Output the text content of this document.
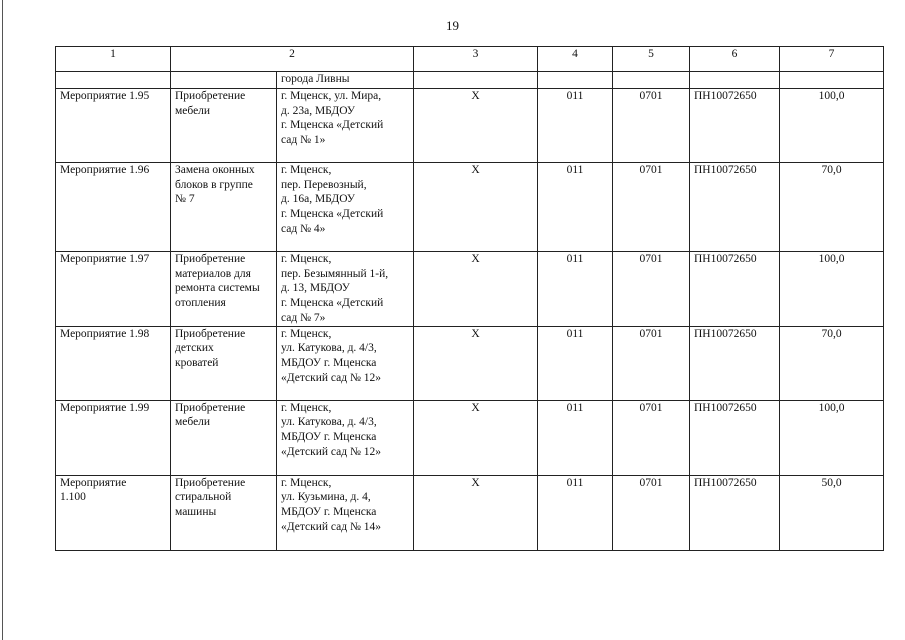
19
1	2		3	4	5	6	7
		города Ливны					

Мероприятие 1.95	Приобретение
мебели	г. Мценск, ул. Мира,
д. 23а, МБДОУ
г. Мценска «Детский
сад № 1»	Х	011	0701	ПН10072650	100,0

Мероприятие 1.96	Замена оконных
блоков в группе
№ 7	г. Мценск,
пер. Перевозный,
д. 16а, МБДОУ
г. Мценска «Детский
сад № 4»	Х	011	0701	ПН10072650	70,0

Мероприятие 1.97	Приобретение
материалов для
ремонта системы
отопления	г. Мценск,
пер. Безымянный 1-й,
д. 13, МБДОУ
г. Мценска «Детский
сад № 7»	Х	011	0701	ПН10072650	100,0

Мероприятие 1.98	Приобретение
детских
кроватей	г. Мценск,
ул. Катукова, д. 4/3,
МБДОУ г. Мценска
«Детский сад № 12»	Х	011	0701	ПН10072650	70,0

Мероприятие 1.99	Приобретение
мебели	г. Мценск,
ул. Катукова, д. 4/3,
МБДОУ г. Мценска
«Детский сад № 12»	Х	011	0701	ПН10072650	100,0

Мероприятие
1.100	Приобретение
стиральной
машины	г. Мценск,
ул. Кузьмина, д. 4,
МБДОУ г. Мценска
«Детский сад № 14»	Х	011	0701	ПН10072650	50,0
